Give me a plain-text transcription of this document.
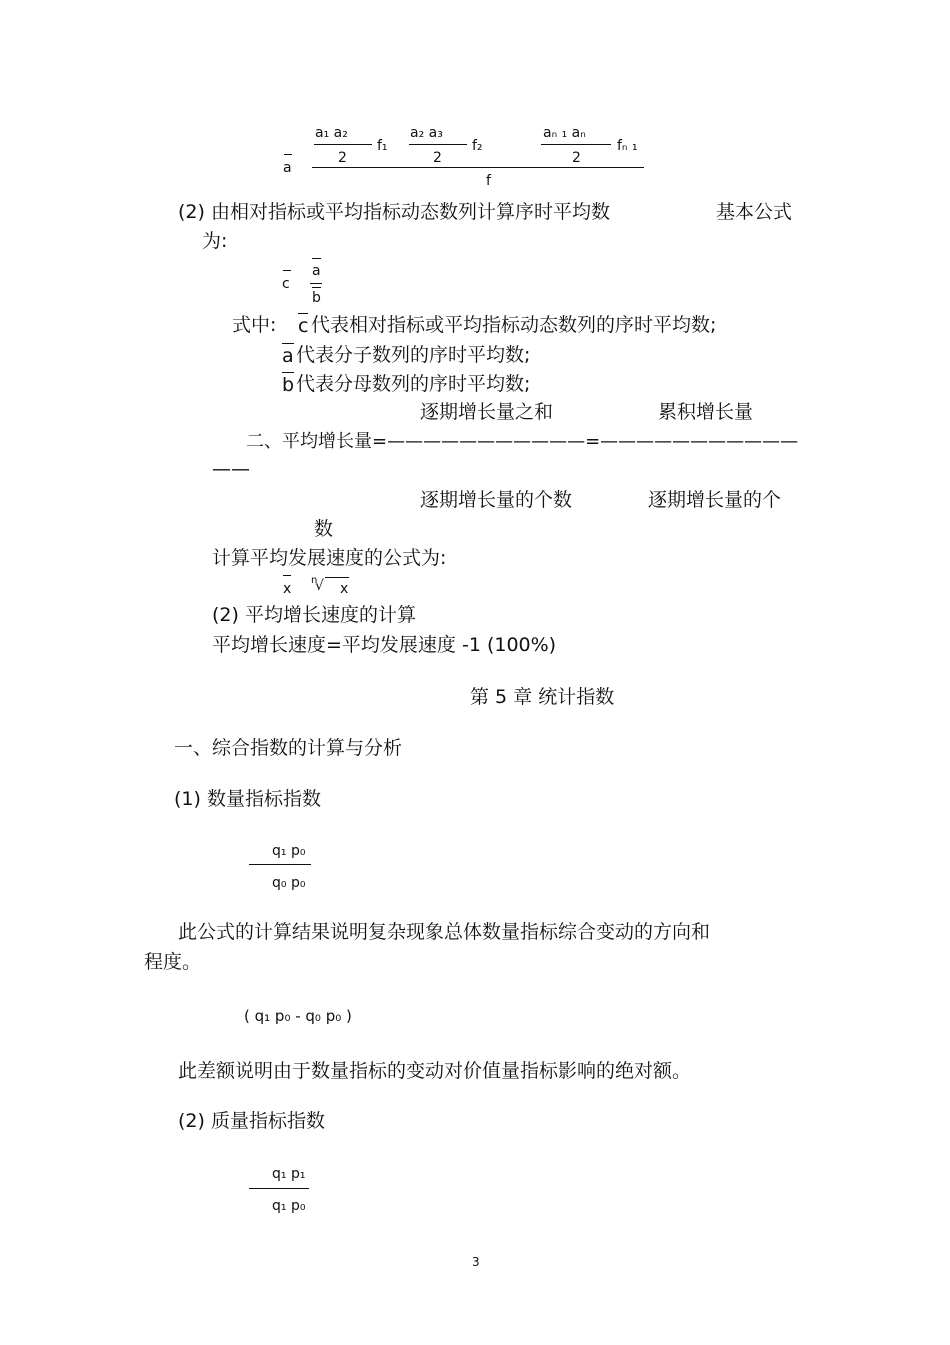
a
a₁ a₂
2
f₁
a₂ a₃
2
f₂
aₙ ₁ aₙ
2
fₙ ₁
f
(2) 由相对指标或平均指标动态数列计算序时平均数	基本公式
为:
c
a
b
式中: c 代表相对指标或平均指标动态数列的序时平均数;
a 代表分子数列的序时平均数;
b 代表分母数列的序时平均数;
逐期增长量之和	累积增长量
二、平均增长量=———————————=———————————
——
逐期增长量的个数	逐期增长量的个
数
计算平均发展速度的公式为:
x
n
√ x
(2) 平均增长速度的计算
平均增长速度=平均发展速度 -1 (100%)
第 5 章 统计指数
一、综合指数的计算与分析
(1) 数量指标指数
q₁ p₀
q₀ p₀
此公式的计算结果说明复杂现象总体数量指标综合变动的方向和
程度。
( q₁ p₀ - q₀ p₀ )
此差额说明由于数量指标的变动对价值量指标影响的绝对额。
(2) 质量指标指数
q₁ p₁
q₁ p₀
3
